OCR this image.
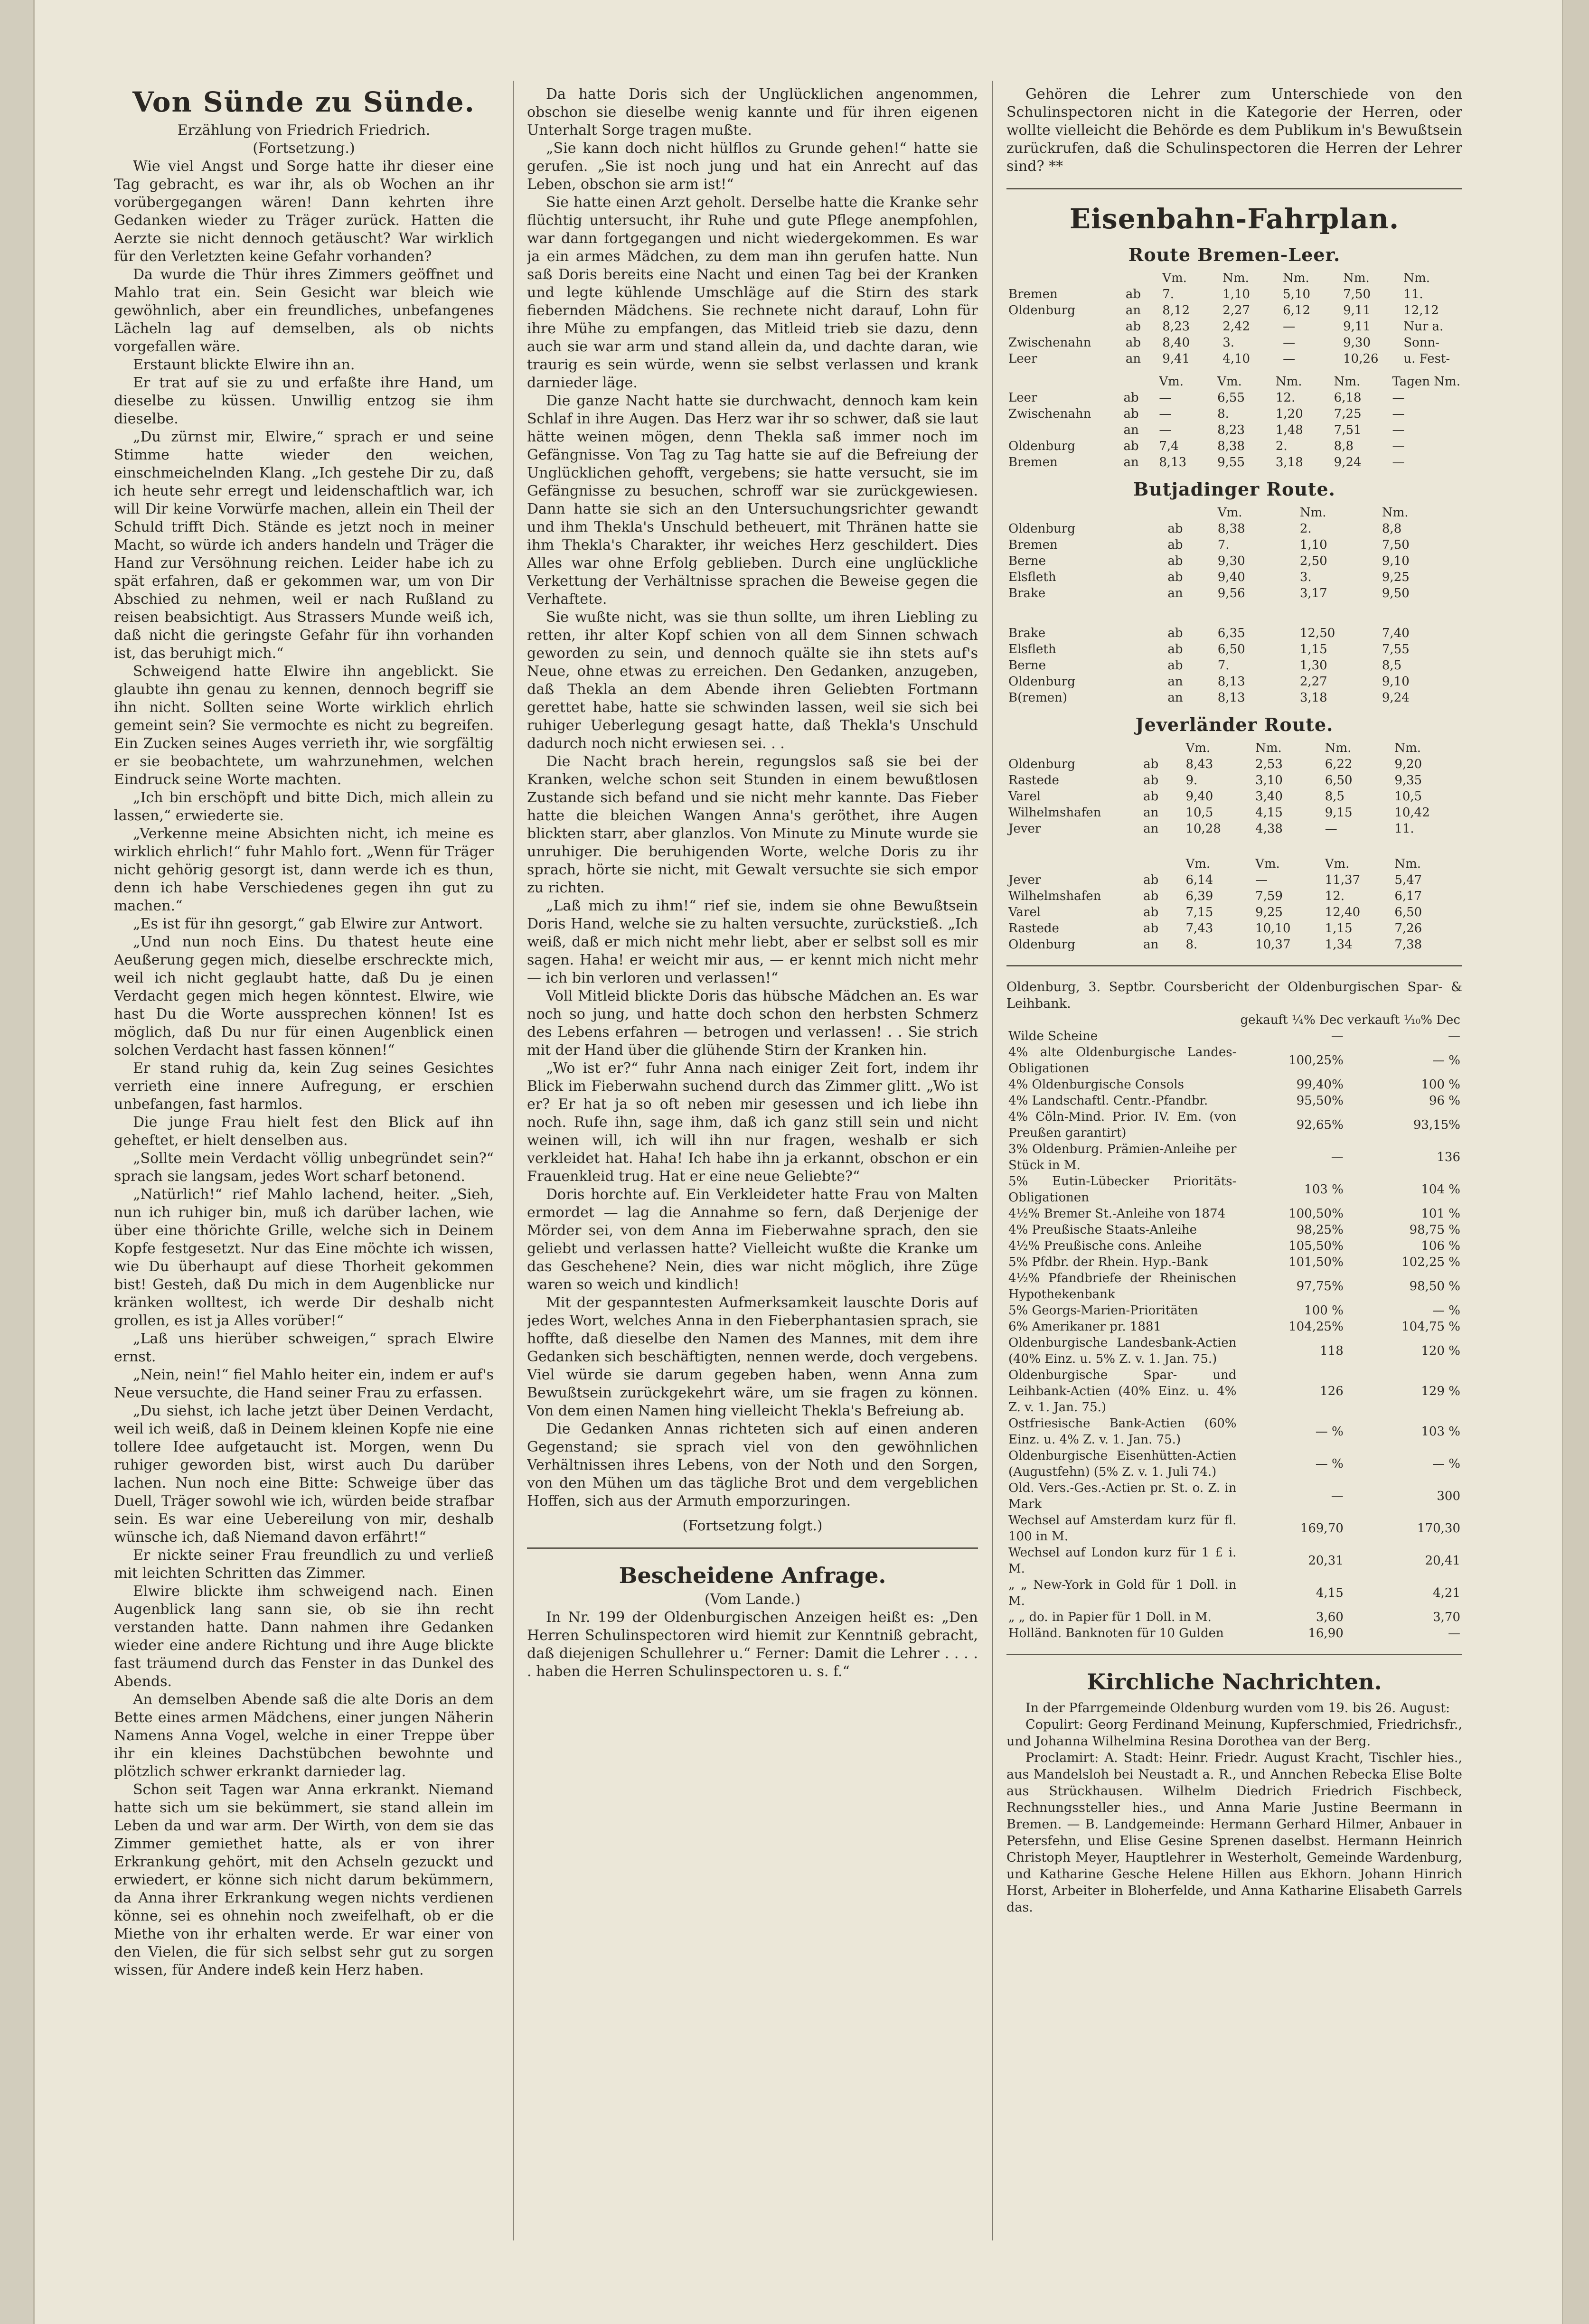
Von Sünde zu Sünde.
Erzählung von Friedrich Friedrich.
(Fortsetzung.)

Wie viel Angst und Sorge hatte ihr dieser eine Tag gebracht, es war ihr, als ob Wochen an ihr vorübergegangen wären! Dann kehrten ihre Gedanken wieder zu Träger zurück. Hatten die Aerzte sie nicht dennoch getäuscht? War wirklich für den Verletzten keine Gefahr vorhanden?

Da wurde die Thür ihres Zimmers geöffnet und Mahlo trat ein. Sein Gesicht war bleich wie gewöhnlich, aber ein freundliches, unbefangenes Lächeln lag auf demselben, als ob nichts vorgefallen wäre.

Erstaunt blickte Elwire ihn an.

Er trat auf sie zu und erfaßte ihre Hand, um dieselbe zu küssen. Unwillig entzog sie ihm dieselbe.

„Du zürnst mir, Elwire,“ sprach er und seine Stimme hatte wieder den weichen, einschmeichelnden Klang. „Ich gestehe Dir zu, daß ich heute sehr erregt und leidenschaftlich war, ich will Dir keine Vorwürfe machen, allein ein Theil der Schuld trifft Dich. Stände es jetzt noch in meiner Macht, so würde ich anders handeln und Träger die Hand zur Versöhnung reichen. Leider habe ich zu spät erfahren, daß er gekommen war, um von Dir Abschied zu nehmen, weil er nach Rußland zu reisen beabsichtigt. Aus Strassers Munde weiß ich, daß nicht die geringste Gefahr für ihn vorhanden ist, das beruhigt mich.“

Schweigend hatte Elwire ihn angeblickt. Sie glaubte ihn genau zu kennen, dennoch begriff sie ihn nicht. Sollten seine Worte wirklich ehrlich gemeint sein? Sie vermochte es nicht zu begreifen. Ein Zucken seines Auges verrieth ihr, wie sorgfältig er sie beobachtete, um wahrzunehmen, welchen Eindruck seine Worte machten.

„Ich bin erschöpft und bitte Dich, mich allein zu lassen,“ erwiederte sie.

„Verkenne meine Absichten nicht, ich meine es wirklich ehrlich!“ fuhr Mahlo fort. „Wenn für Träger nicht gehörig gesorgt ist, dann werde ich es thun, denn ich habe Verschiedenes gegen ihn gut zu machen.“

„Es ist für ihn gesorgt,“ gab Elwire zur Antwort.

„Und nun noch Eins. Du thatest heute eine Aeußerung gegen mich, dieselbe erschreckte mich, weil ich nicht geglaubt hatte, daß Du je einen Verdacht gegen mich hegen könntest. Elwire, wie hast Du die Worte aussprechen können! Ist es möglich, daß Du nur für einen Augenblick einen solchen Verdacht hast fassen können!“

Er stand ruhig da, kein Zug seines Gesichtes verrieth eine innere Aufregung, er erschien unbefangen, fast harmlos.

Die junge Frau hielt fest den Blick auf ihn geheftet, er hielt denselben aus.

„Sollte mein Verdacht völlig unbegründet sein?“ sprach sie langsam, jedes Wort scharf betonend.

„Natürlich!“ rief Mahlo lachend, heiter. „Sieh, nun ich ruhiger bin, muß ich darüber lachen, wie über eine thörichte Grille, welche sich in Deinem Kopfe festgesetzt. Nur das Eine möchte ich wissen, wie Du überhaupt auf diese Thorheit gekommen bist! Gesteh, daß Du mich in dem Augenblicke nur kränken wolltest, ich werde Dir deshalb nicht grollen, es ist ja Alles vorüber!“

„Laß uns hierüber schweigen,“ sprach Elwire ernst.

„Nein, nein!“ fiel Mahlo heiter ein, indem er auf's Neue versuchte, die Hand seiner Frau zu erfassen.

„Du siehst, ich lache jetzt über Deinen Verdacht, weil ich weiß, daß in Deinem kleinen Kopfe nie eine tollere Idee aufgetaucht ist. Morgen, wenn Du ruhiger geworden bist, wirst auch Du darüber lachen. Nun noch eine Bitte: Schweige über das Duell, Träger sowohl wie ich, würden beide strafbar sein. Es war eine Uebereilung von mir, deshalb wünsche ich, daß Niemand davon erfährt!“

Er nickte seiner Frau freundlich zu und verließ mit leichten Schritten das Zimmer.

Elwire blickte ihm schweigend nach. Einen Augenblick lang sann sie, ob sie ihn recht verstanden hatte. Dann nahmen ihre Gedanken wieder eine andere Richtung und ihre Auge blickte fast träumend durch das Fenster in das Dunkel des Abends.

An demselben Abende saß die alte Doris an dem Bette eines armen Mädchens, einer jungen Näherin Namens Anna Vogel, welche in einer Treppe über ihr ein kleines Dachstübchen bewohnte und plötzlich schwer erkrankt darnieder lag.

Schon seit Tagen war Anna erkrankt. Niemand hatte sich um sie bekümmert, sie stand allein im Leben da und war arm. Der Wirth, von dem sie das Zimmer gemiethet hatte, als er von ihrer Erkrankung gehört, mit den Achseln gezuckt und erwiedert, er könne sich nicht darum bekümmern, da Anna ihrer Erkrankung wegen nichts verdienen könne, sei es ohnehin noch zweifelhaft, ob er die Miethe von ihr erhalten werde. Er war einer von den Vielen, die für sich selbst sehr gut zu sorgen wissen, für Andere indeß kein Herz haben.

Da hatte Doris sich der Unglücklichen angenommen, obschon sie dieselbe wenig kannte und für ihren eigenen Unterhalt Sorge tragen mußte.

„Sie kann doch nicht hülflos zu Grunde gehen!“ hatte sie gerufen. „Sie ist noch jung und hat ein Anrecht auf das Leben, obschon sie arm ist!“

Sie hatte einen Arzt geholt. Derselbe hatte die Kranke sehr flüchtig untersucht, ihr Ruhe und gute Pflege anempfohlen, war dann fortgegangen und nicht wiedergekommen. Es war ja ein armes Mädchen, zu dem man ihn gerufen hatte. Nun saß Doris bereits eine Nacht und einen Tag bei der Kranken und legte kühlende Umschläge auf die Stirn des stark fiebernden Mädchens. Sie rechnete nicht darauf, Lohn für ihre Mühe zu empfangen, das Mitleid trieb sie dazu, denn auch sie war arm und stand allein da, und dachte daran, wie traurig es sein würde, wenn sie selbst verlassen und krank darnieder läge.

Die ganze Nacht hatte sie durchwacht, dennoch kam kein Schlaf in ihre Augen. Das Herz war ihr so schwer, daß sie laut hätte weinen mögen, denn Thekla saß immer noch im Gefängnisse. Von Tag zu Tag hatte sie auf die Befreiung der Unglücklichen gehofft, vergebens; sie hatte versucht, sie im Gefängnisse zu besuchen, schroff war sie zurückgewiesen. Dann hatte sie sich an den Untersuchungsrichter gewandt und ihm Thekla's Unschuld betheuert, mit Thränen hatte sie ihm Thekla's Charakter, ihr weiches Herz geschildert. Dies Alles war ohne Erfolg geblieben. Durch eine unglückliche Verkettung der Verhältnisse sprachen die Beweise gegen die Verhaftete.

Sie wußte nicht, was sie thun sollte, um ihren Liebling zu retten, ihr alter Kopf schien von all dem Sinnen schwach geworden zu sein, und dennoch quälte sie ihn stets auf's Neue, ohne etwas zu erreichen. Den Gedanken, anzugeben, daß Thekla an dem Abende ihren Geliebten Fortmann gerettet habe, hatte sie schwinden lassen, weil sie sich bei ruhiger Ueberlegung gesagt hatte, daß Thekla's Unschuld dadurch noch nicht erwiesen sei. . .

Die Nacht brach herein, regungslos saß sie bei der Kranken, welche schon seit Stunden in einem bewußtlosen Zustande sich befand und sie nicht mehr kannte. Das Fieber hatte die bleichen Wangen Anna's geröthet, ihre Augen blickten starr, aber glanzlos. Von Minute zu Minute wurde sie unruhiger. Die beruhigenden Worte, welche Doris zu ihr sprach, hörte sie nicht, mit Gewalt versuchte sie sich empor zu richten.

„Laß mich zu ihm!“ rief sie, indem sie ohne Bewußtsein Doris Hand, welche sie zu halten versuchte, zurückstieß. „Ich weiß, daß er mich nicht mehr liebt, aber er selbst soll es mir sagen. Haha! er weicht mir aus, — er kennt mich nicht mehr — ich bin verloren und verlassen!“

Voll Mitleid blickte Doris das hübsche Mädchen an. Es war noch so jung, und hatte doch schon den herbsten Schmerz des Lebens erfahren — betrogen und verlassen! . . Sie strich mit der Hand über die glühende Stirn der Kranken hin.

„Wo ist er?“ fuhr Anna nach einiger Zeit fort, indem ihr Blick im Fieberwahn suchend durch das Zimmer glitt. „Wo ist er? Er hat ja so oft neben mir gesessen und ich liebe ihn noch. Rufe ihn, sage ihm, daß ich ganz still sein und nicht weinen will, ich will ihn nur fragen, weshalb er sich verkleidet hat. Haha! Ich habe ihn ja erkannt, obschon er ein Frauenkleid trug. Hat er eine neue Geliebte?“

Doris horchte auf. Ein Verkleideter hatte Frau von Malten ermordet — lag die Annahme so fern, daß Derjenige der Mörder sei, von dem Anna im Fieberwahne sprach, den sie geliebt und verlassen hatte? Vielleicht wußte die Kranke um das Geschehene? Nein, dies war nicht möglich, ihre Züge waren so weich und kindlich!

Mit der gespanntesten Aufmerksamkeit lauschte Doris auf jedes Wort, welches Anna in den Fieberphantasien sprach, sie hoffte, daß dieselbe den Namen des Mannes, mit dem ihre Gedanken sich beschäftigten, nennen werde, doch vergebens. Viel würde sie darum gegeben haben, wenn Anna zum Bewußtsein zurückgekehrt wäre, um sie fragen zu können. Von dem einen Namen hing vielleicht Thekla's Befreiung ab.

Die Gedanken Annas richteten sich auf einen anderen Gegenstand; sie sprach viel von den gewöhnlichen Verhältnissen ihres Lebens, von der Noth und den Sorgen, von den Mühen um das tägliche Brot und dem vergeblichen Hoffen, sich aus der Armuth emporzuringen.

(Fortsetzung folgt.)
Bescheidene Anfrage.
(Vom Lande.)

In Nr. 199 der Oldenburgischen Anzeigen heißt es: „Den Herren Schulinspectoren wird hiemit zur Kenntniß gebracht, daß diejenigen Schullehrer u.“ Ferner: Damit die Lehrer . . . . . haben die Herren Schulinspectoren u. s. f.“

Gehören die Lehrer zum Unterschiede von den Schulinspectoren nicht in die Kategorie der Herren, oder wollte vielleicht die Behörde es dem Publikum in's Bewußtsein zurückrufen, daß die Schulinspectoren die Herren der Lehrer sind? **

Eisenbahn-Fahrplan.
Route Bremen-Leer.
		Vm.	Nm.	Nm.	Nm.	Nm.
Bremen	ab	7.	1,10	5,10	7,50	11.
Oldenburg	an	8,12	2,27	6,12	9,11	12,12
	ab	8,23	2,42	—	9,11	Nur a.
Zwischenahn	ab	8,40	3.	—	9,30	Sonn-
Leer	an	9,41	4,10	—	10,26	u. Fest-
		Vm.	Vm.	Nm.	Nm.	Tagen Nm.
Leer	ab	—	6,55	12.	6,18	—
Zwischenahn	ab	—	8.	1,20	7,25	—
	an	—	8,23	1,48	7,51	—
Oldenburg	ab	7,4	8,38	2.	8,8	—
Bremen	an	8,13	9,55	3,18	9,24	—
Butjadinger Route.
		Vm.	Nm.	Nm.
Oldenburg	ab	8,38	2.	8,8
Bremen	ab	7.	1,10	7,50
Berne	ab	9,30	2,50	9,10
Elsfleth	ab	9,40	3.	9,25
Brake	an	9,56	3,17	9,50
Brake	ab	6,35	12,50	7,40
Elsfleth	ab	6,50	1,15	7,55
Berne	ab	7.	1,30	8,5
Oldenburg	an	8,13	2,27	9,10
B(remen)	an	8,13	3,18	9,24
Jeverländer Route.
		Vm.	Nm.	Nm.	Nm.
Oldenburg	ab	8,43	2,53	6,22	9,20
Rastede	ab	9.	3,10	6,50	9,35
Varel	ab	9,40	3,40	8,5	10,5
Wilhelmshafen	an	10,5	4,15	9,15	10,42
Jever	an	10,28	4,38	—	11.
		Vm.	Vm.	Vm.	Nm.
Jever	ab	6,14	—	11,37	5,47
Wilhelmshafen	ab	6,39	7,59	12.	6,17
Varel	ab	7,15	9,25	12,40	6,50
Rastede	ab	7,43	10,10	1,15	7,26
Oldenburg	an	8.	10,37	1,34	7,38
Oldenburg, 3. Septbr. Coursbericht der Oldenburgischen Spar- & Leihbank.
	gekauft ¼% Dec	verkauft ¹⁄₁₀% Dec
Wilde Scheine	—	—
4% alte Oldenburgische Landes-Obligationen	100,25%	— %
4% Oldenburgische Consols	99,40%	100 %
4% Landschaftl. Centr.-Pfandbr.	95,50%	96 %
4% Cöln-Mind. Prior. IV. Em. (von Preußen garantirt)	92,65%	93,15%
3% Oldenburg. Prämien-Anleihe per Stück in M.	—	136
5% Eutin-Lübecker Prioritäts-Obligationen	103 %	104 %
4½% Bremer St.-Anleihe von 1874	100,50%	101 %
4% Preußische Staats-Anleihe	98,25%	98,75 %
4½% Preußische cons. Anleihe	105,50%	106 %
5% Pfdbr. der Rhein. Hyp.-Bank	101,50%	102,25 %
4½% Pfandbriefe der Rheinischen Hypothekenbank	97,75%	98,50 %
5% Georgs-Marien-Prioritäten	100 %	— %
6% Amerikaner pr. 1881	104,25%	104,75 %
Oldenburgische Landesbank-Actien (40% Einz. u. 5% Z. v. 1. Jan. 75.)	118	120 %
Oldenburgische Spar- und Leihbank-Actien (40% Einz. u. 4% Z. v. 1. Jan. 75.)	126	129 %
Ostfriesische Bank-Actien (60% Einz. u. 4% Z. v. 1. Jan. 75.)	— %	103 %
Oldenburgische Eisenhütten-Actien (Augustfehn) (5% Z. v. 1. Juli 74.)	— %	— %
Old. Vers.-Ges.-Actien pr. St. o. Z. in Mark	—	300
Wechsel auf Amsterdam kurz für fl. 100 in M.	169,70	170,30
Wechsel auf London kurz für 1 £ i. M.	20,31	20,41
„ „ New-York in Gold für 1 Doll. in M.	4,15	4,21
„ „ do. in Papier für 1 Doll. in M.	3,60	3,70
Holländ. Banknoten für 10 Gulden	16,90	—
Kirchliche Nachrichten.

In der Pfarrgemeinde Oldenburg wurden vom 19. bis 26. August:

Copulirt: Georg Ferdinand Meinung, Kupferschmied, Friedrichsfr., und Johanna Wilhelmina Resina Dorothea van der Berg.

Proclamirt: A. Stadt: Heinr. Friedr. August Kracht, Tischler hies., aus Mandelsloh bei Neustadt a. R., und Annchen Rebecka Elise Bolte aus Strückhausen. Wilhelm Diedrich Friedrich Fischbeck, Rechnungssteller hies., und Anna Marie Justine Beermann in Bremen. — B. Landgemeinde: Hermann Gerhard Hilmer, Anbauer in Petersfehn, und Elise Gesine Sprenen daselbst. Hermann Heinrich Christoph Meyer, Hauptlehrer in Westerholt, Gemeinde Wardenburg, und Katharine Gesche Helene Hillen aus Ekhorn. Johann Hinrich Horst, Arbeiter in Bloherfelde, und Anna Katharine Elisabeth Garrels das.
